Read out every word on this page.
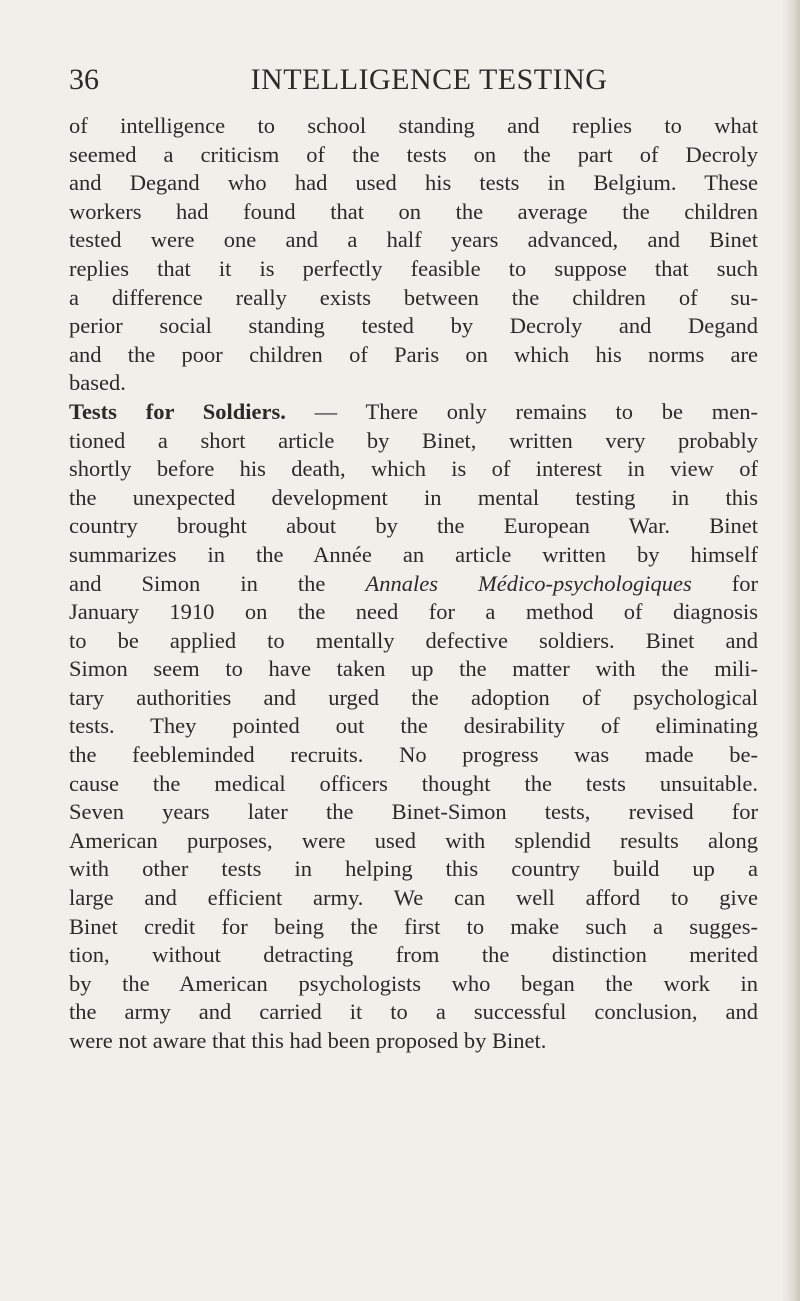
36	INTELLIGENCE TESTING
of intelligence to school standing and replies to what
seemed a criticism of the tests on the part of Decroly
and Degand who had used his tests in Belgium. These
workers had found that on the average the children
tested were one and a half years advanced, and Binet
replies that it is perfectly feasible to suppose that such
a difference really exists between the children of su-
perior social standing tested by Decroly and Degand
and the poor children of Paris on which his norms are
based.
Tests for Soldiers. — There only remains to be men-
tioned a short article by Binet, written very probably
shortly before his death, which is of interest in view of
the unexpected development in mental testing in this
country brought about by the European War. Binet
summarizes in the Année an article written by himself
and Simon in the Annales Médico-psychologiques for
January 1910 on the need for a method of diagnosis
to be applied to mentally defective soldiers. Binet and
Simon seem to have taken up the matter with the mili-
tary authorities and urged the adoption of psychological
tests. They pointed out the desirability of eliminating
the feebleminded recruits. No progress was made be-
cause the medical officers thought the tests unsuitable.
Seven years later the Binet-Simon tests, revised for
American purposes, were used with splendid results along
with other tests in helping this country build up a
large and efficient army. We can well afford to give
Binet credit for being the first to make such a sugges-
tion, without detracting from the distinction merited
by the American psychologists who began the work in
the army and carried it to a successful conclusion, and
were not aware that this had been proposed by Binet.
